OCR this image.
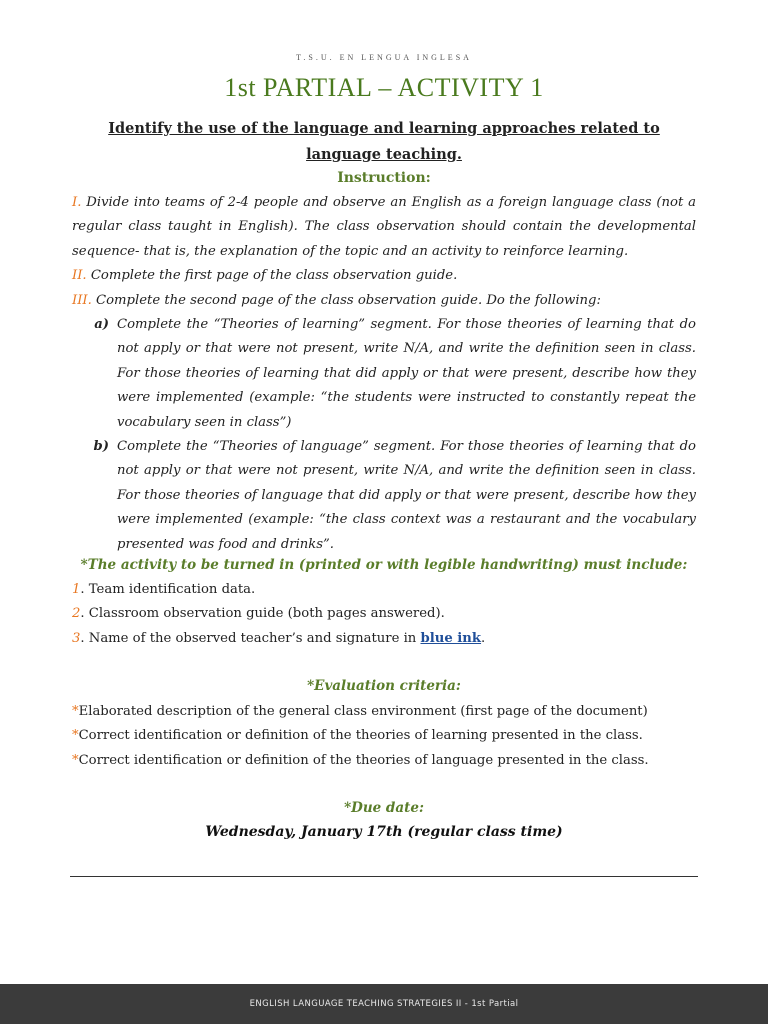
T.S.U. EN LENGUA INGLESA
1st PARTIAL – ACTIVITY 1
Identify the use of the language and learning approaches related to language teaching.
Instruction:

I. Divide into teams of 2-4 people and observe an English as a foreign language class (not a regular class taught in English). The class observation should contain the developmental sequence- that is, the explanation of the topic and an activity to reinforce learning.

II. Complete the first page of the class observation guide.

III. Complete the second page of the class observation guide. Do the following:

a) Complete the “Theories of learning” segment. For those theories of learning that do not apply or that were not present, write N/A, and write the definition seen in class. For those theories of learning that did apply or that were present, describe how they were implemented (example: “the students were instructed to constantly repeat the vocabulary seen in class”)
b) Complete the “Theories of language” segment. For those theories of learning that do not apply or that were not present, write N/A, and write the definition seen in class. For those theories of language that did apply or that were present, describe how they were implemented (example: “the class context was a restaurant and the vocabulary presented was food and drinks”.
*The activity to be turned in (printed or with legible handwriting) must include:

1. Team identification data.

2. Classroom observation guide (both pages answered).

3. Name of the observed teacher’s and signature in blue ink.

*Evaluation criteria:

*Elaborated description of the general class environment (first page of the document)

*Correct identification or definition of the theories of learning presented in the class.

*Correct identification or definition of the theories of language presented in the class.

*Due date:
Wednesday, January 17th (regular class time)
ENGLISH LANGUAGE TEACHING STRATEGIES II - 1st Partial
